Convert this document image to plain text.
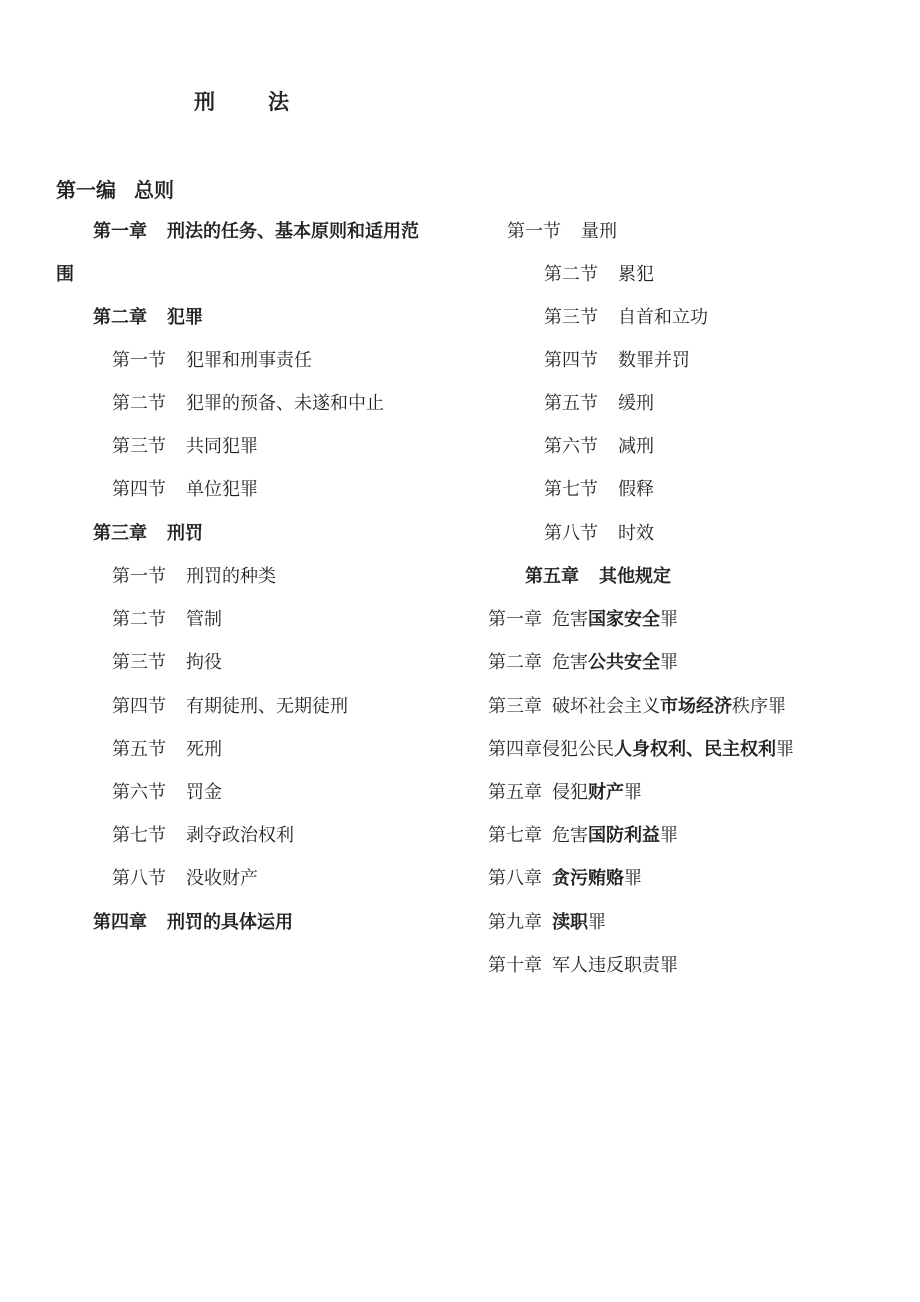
刑 法
第一编 总则
第一章 刑法的任务、基本原则和适用范
围
第二章 犯罪
第一节 犯罪和刑事责任
第二节 犯罪的预备、未遂和中止
第三节 共同犯罪
第四节 单位犯罪
第三章 刑罚
第一节 刑罚的种类
第二节 管制
第三节 拘役
第四节 有期徒刑、无期徒刑
第五节 死刑
第六节 罚金
第七节 剥夺政治权利
第八节 没收财产
第四章 刑罚的具体运用
第一节 量刑
第二节 累犯
第三节 自首和立功
第四节 数罪并罚
第五节 缓刑
第六节 减刑
第七节 假释
第八节 时效
第五章 其他规定
第一章 危害国家安全罪
第二章 危害公共安全罪
第三章 破坏社会主义市场经济秩序罪
第四章侵犯公民人身权利、民主权利罪
第五章 侵犯财产罪
第七章 危害国防利益罪
第八章 贪污贿赂罪
第九章 渎职罪
第十章 军人违反职责罪
